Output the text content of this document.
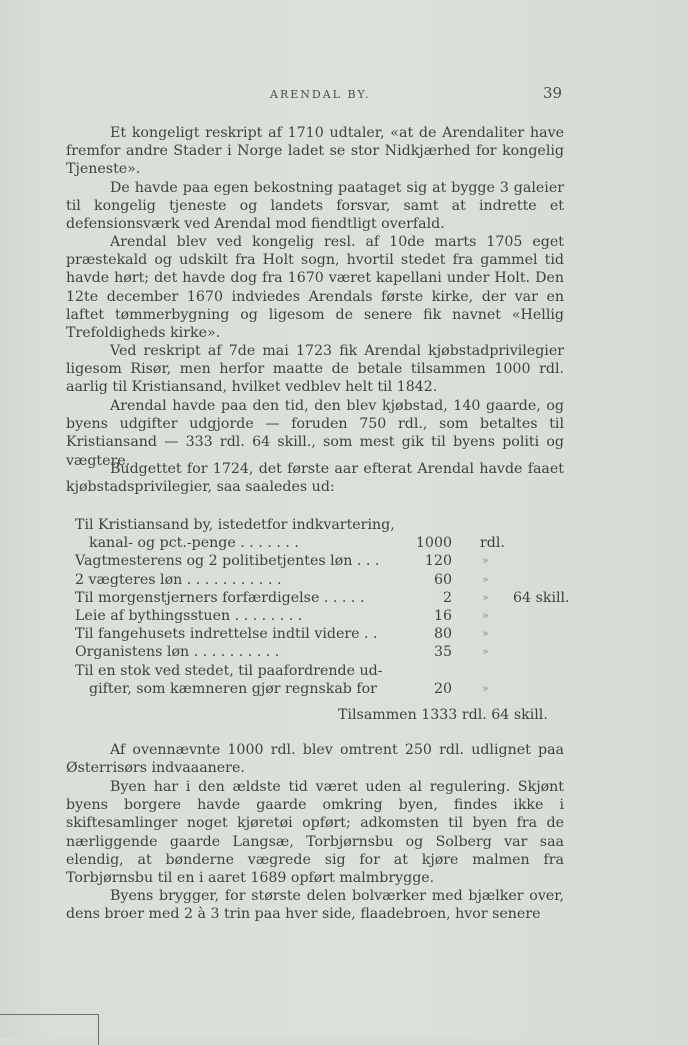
ARENDAL BY.	39
Et kongeligt reskript af 1710 udtaler, «at de Arendaliter have fremfor andre Stader i Norge ladet se stor Nidkjærhed for kongelig Tjeneste».
De havde paa egen bekostning paataget sig at bygge 3 galeier til kongelig tjeneste og landets forsvar, samt at indrette et defensionsværk ved Arendal mod fiendtligt overfald.
Arendal blev ved kongelig resl. af 10de marts 1705 eget præstekald og udskilt fra Holt sogn, hvortil stedet fra gammel tid havde hørt; det havde dog fra 1670 været kapellani under Holt. Den 12te december 1670 indviedes Arendals første kirke, der var en laftet tømmerbygning og ligesom de senere fik navnet «Hellig Trefoldigheds kirke».
Ved reskript af 7de mai 1723 fik Arendal kjøbstadprivilegier ligesom Risør, men herfor maatte de betale tilsammen 1000 rdl. aarlig til Kristiansand, hvilket vedblev helt til 1842.
Arendal havde paa den tid, den blev kjøbstad, 140 gaarde, og byens udgifter udgjorde — foruden 750 rdl., som betaltes til Kristiansand — 333 rdl. 64 skill., som mest gik til byens politi og vægtere.
Budgettet for 1724, det første aar efterat Arendal havde faaet kjøbstadsprivilegier, saa saaledes ud:
Til Kristiansand by, istedetfor indkvartering,
kanal- og pct.-penge . . . . . . .	1000 rdl.
Vagtmesterens og 2 politibetjentes løn . . .	120	»
2 vægteres løn . . . . . . . . . . .	60	»
Til morgenstjerners forfærdigelse . . . . .	2	» 64 skill.
Leie af bythingsstuen . . . . . . . .	16	»
Til fangehusets indrettelse indtil videre . .	80	»
Organistens løn . . . . . . . . . .	35	»
Til en stok ved stedet, til paafordrende ud-
gifter, som kæmneren gjør regnskab for	20	»
Tilsammen 1333 rdl. 64 skill.
Af ovennævnte 1000 rdl. blev omtrent 250 rdl. udlignet paa Østerrisørs indvaaanere.
Byen har i den ældste tid været uden al regulering. Skjønt byens borgere havde gaarde omkring byen, findes ikke i skiftesamlinger noget kjøretøi opført; adkomsten til byen fra de nærliggende gaarde Langsæ, Torbjørnsbu og Solberg var saa elendig, at bønderne vægrede sig for at kjøre malmen fra Torbjørnsbu til en i aaret 1689 opført malmbrygge.
Byens brygger, for største delen bolværker med bjælker over, dens broer med 2 à 3 trin paa hver side, flaadebroen, hvor senere
